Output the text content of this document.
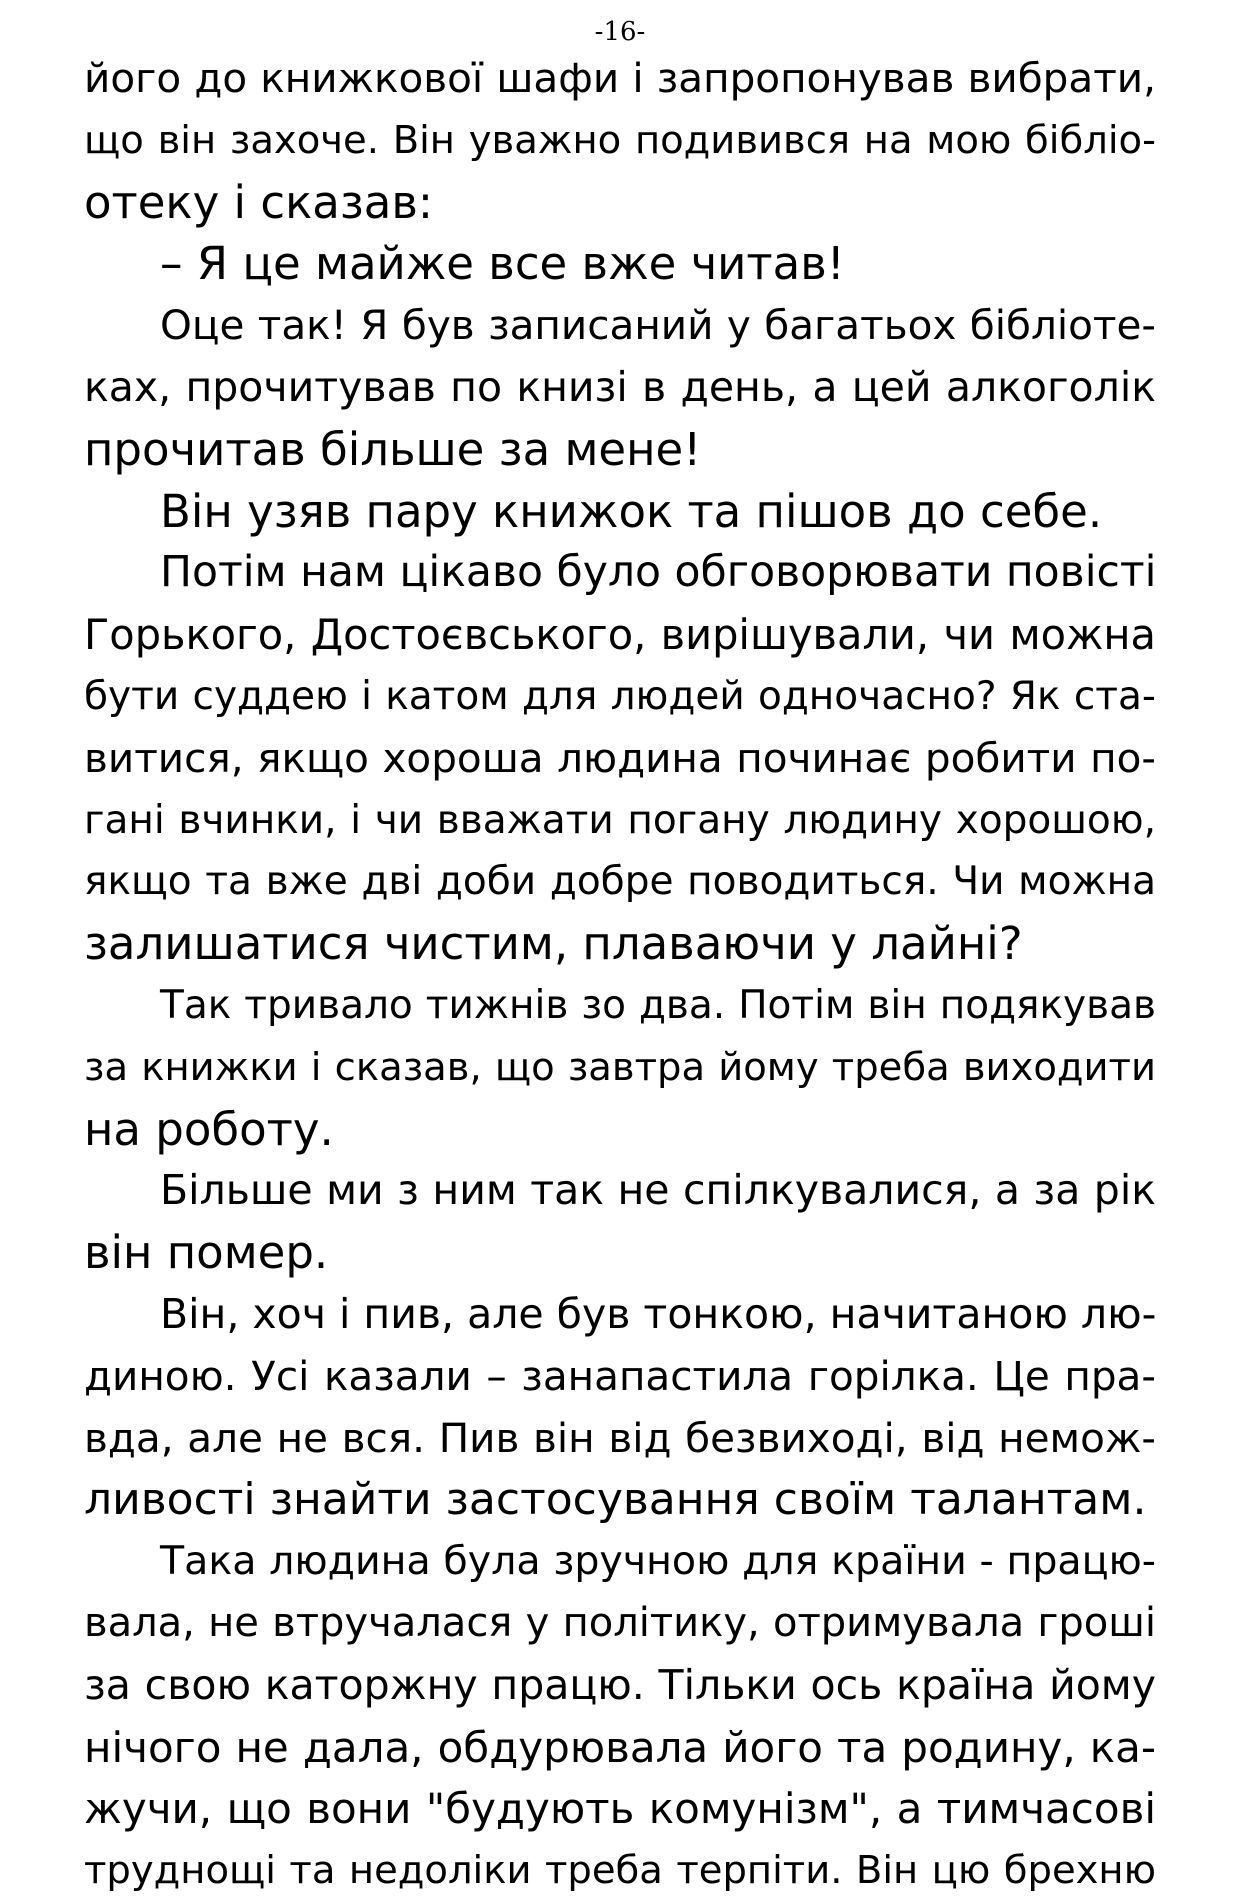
-16-
його до книжкової шафи і запропонував вибрати,
що він захоче. Він уважно подивився на мою бібліо-
отеку і сказав:
– Я це майже все вже читав!
Оце так! Я був записаний у багатьох бібліоте-
ках, прочитував по книзі в день, а цей алкоголік
прочитав більше за мене!
Він узяв пару книжок та пішов до себе.
Потім нам цікаво було обговорювати повісті
Горького, Достоєвського, вирішували, чи можна
бути суддею і катом для людей одночасно? Як ста-
витися, якщо хороша людина починає робити по-
гані вчинки, і чи вважати погану людину хорошою,
якщо та вже дві доби добре поводиться. Чи можна
залишатися чистим, плаваючи у лайні?
Так тривало тижнів зо два. Потім він подякував
за книжки і сказав, що завтра йому треба виходити
на роботу.
Більше ми з ним так не спілкувалися, а за рік
він помер.
Він, хоч і пив, але був тонкою, начитаною лю-
диною. Усі казали – занапастила горілка. Це пра-
вда, але не вся. Пив він від безвиході, від немож-
ливості знайти застосування своїм талантам.
Така людина була зручною для країни - працю-
вала, не втручалася у політику, отримувала гроші
за свою каторжну працю. Тільки ось країна йому
нічого не дала, обдурювала його та родину, ка-
жучи, що вони "будують комунізм", а тимчасові
труднощі та недоліки треба терпіти. Він цю брехню
